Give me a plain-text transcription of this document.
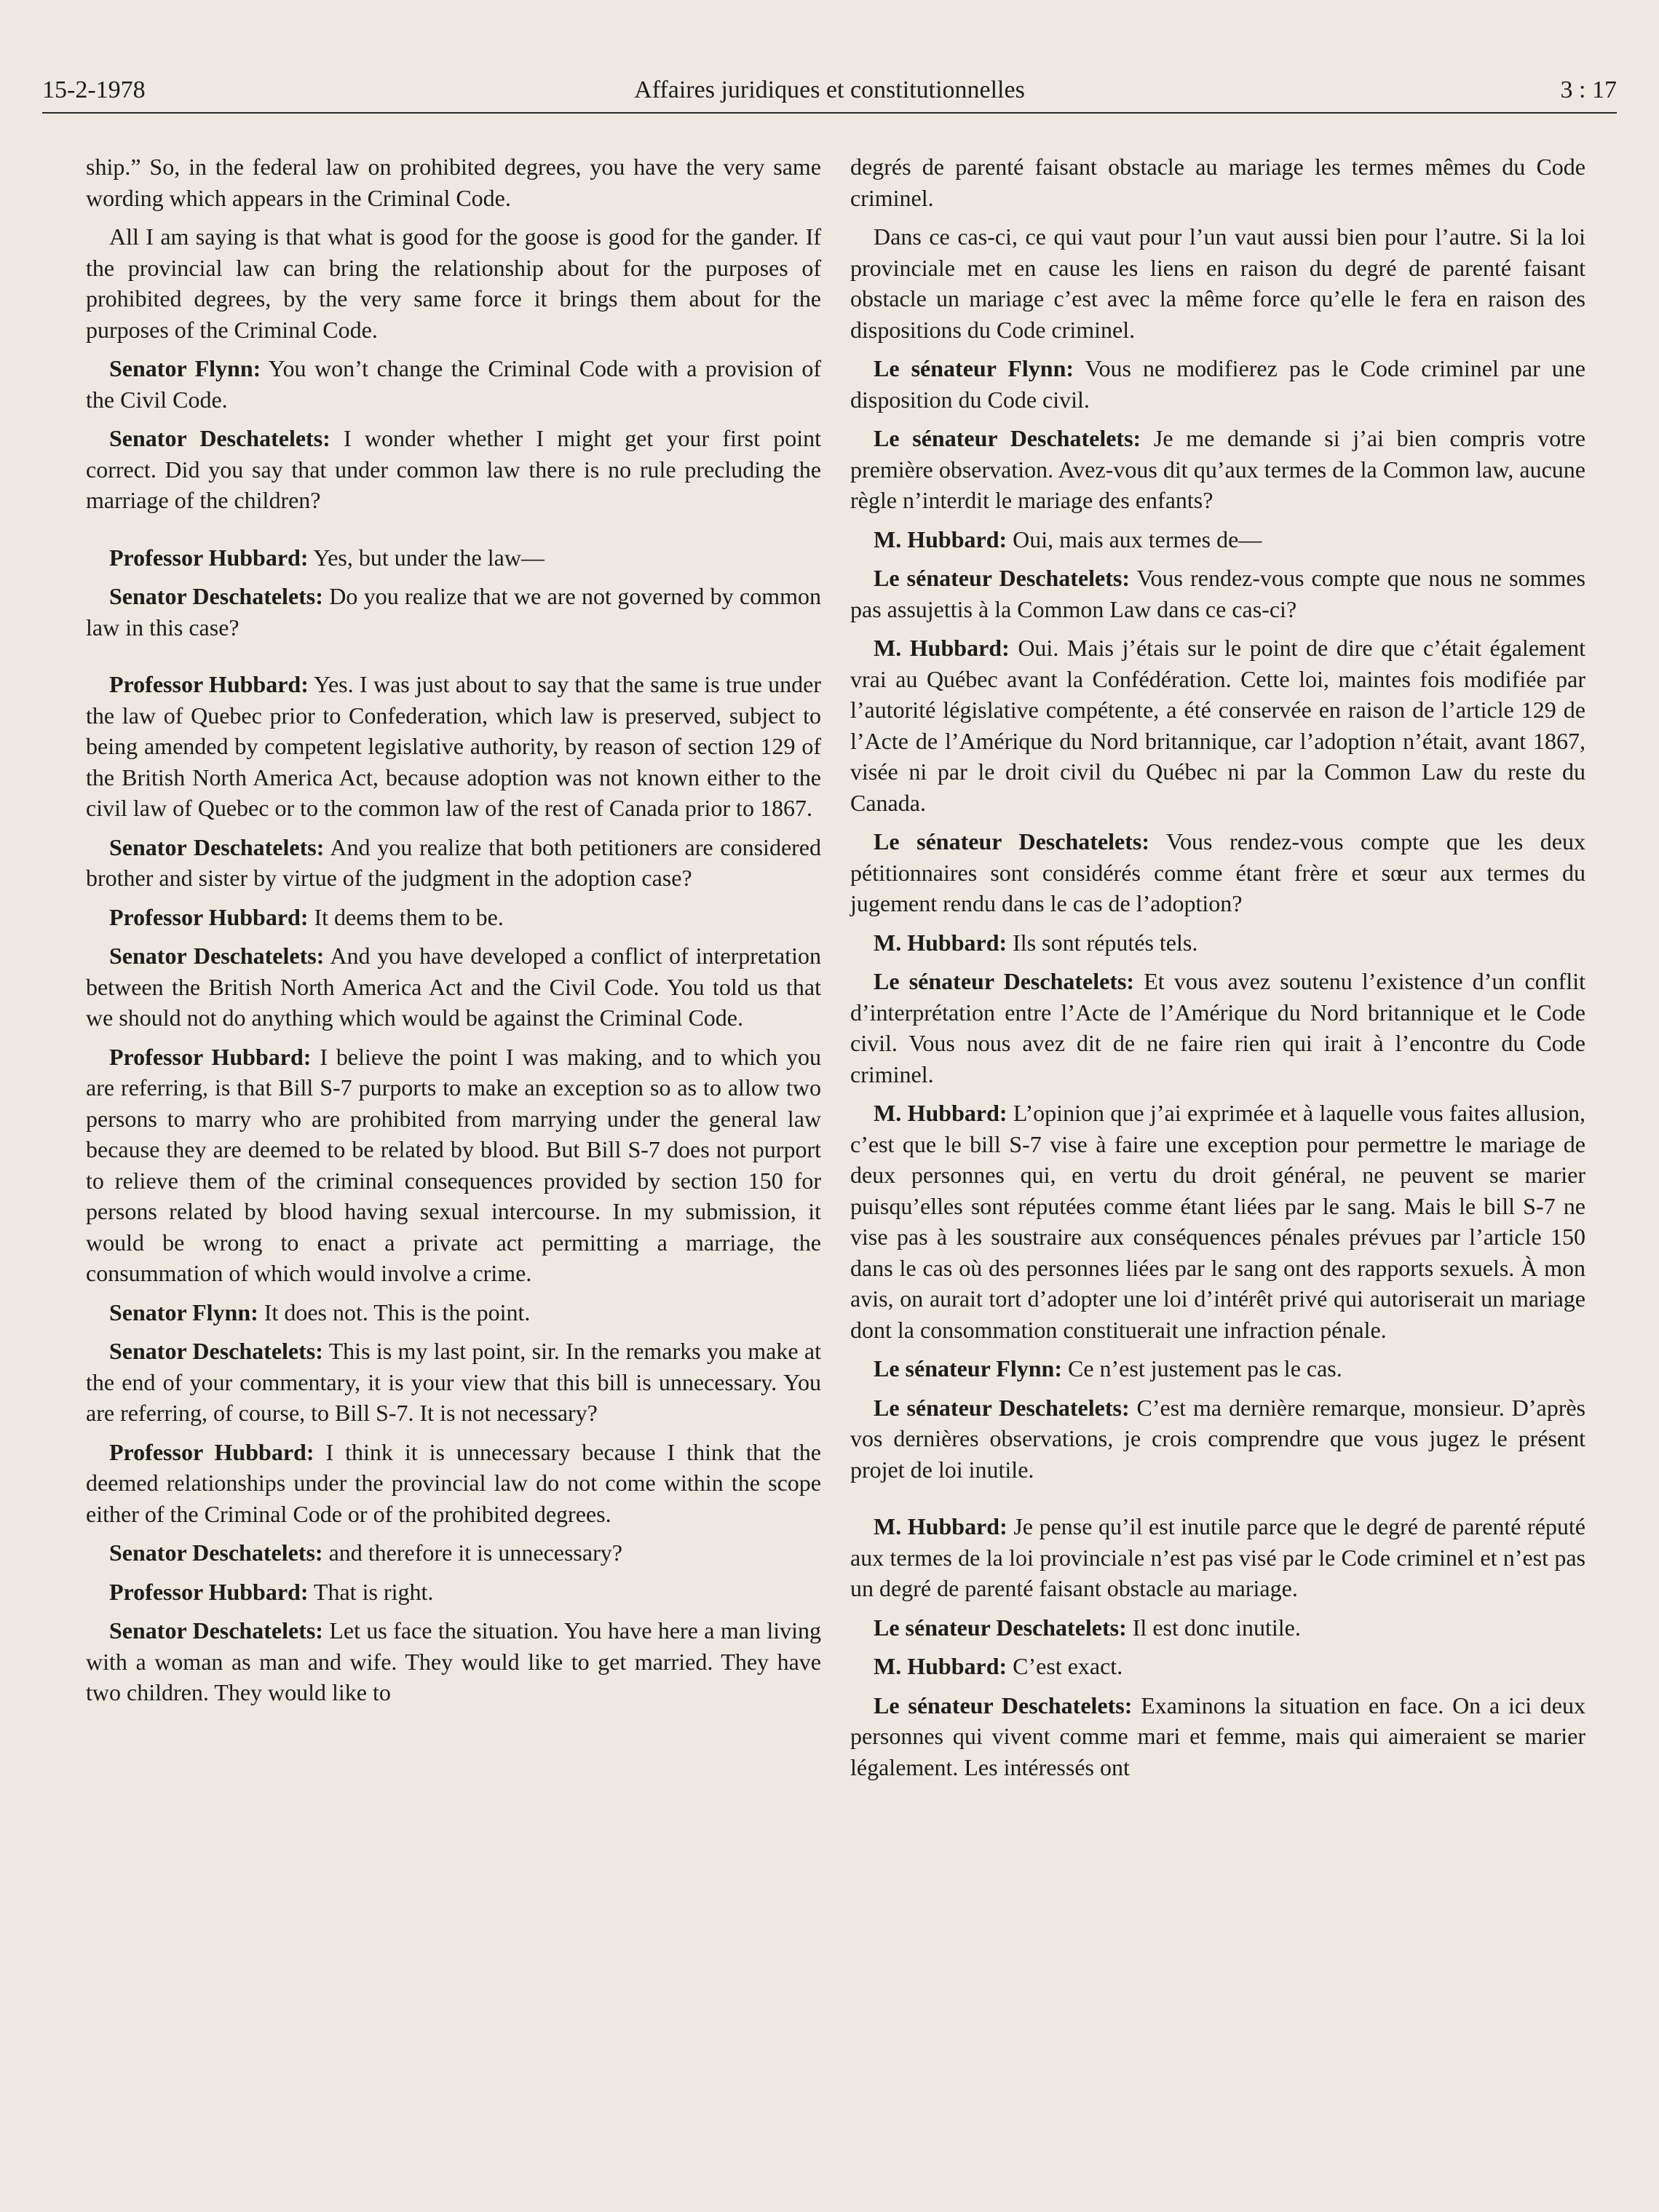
15-2-1978	Affaires juridiques et constitutionnelles	3 : 17

ship.” So, in the federal law on prohibited degrees, you have the very same wording which appears in the Criminal Code.

All I am saying is that what is good for the goose is good for the gander. If the provincial law can bring the relationship about for the purposes of prohibited degrees, by the very same force it brings them about for the purposes of the Criminal Code.

Senator Flynn: You won’t change the Criminal Code with a provision of the Civil Code.

Senator Deschatelets: I wonder whether I might get your first point correct. Did you say that under common law there is no rule precluding the marriage of the children?

Professor Hubbard: Yes, but under the law—

Senator Deschatelets: Do you realize that we are not governed by common law in this case?

Professor Hubbard: Yes. I was just about to say that the same is true under the law of Quebec prior to Confederation, which law is preserved, subject to being amended by competent legislative authority, by reason of section 129 of the British North America Act, because adoption was not known either to the civil law of Quebec or to the common law of the rest of Canada prior to 1867.

Senator Deschatelets: And you realize that both petitioners are considered brother and sister by virtue of the judgment in the adoption case?

Professor Hubbard: It deems them to be.

Senator Deschatelets: And you have developed a conflict of interpretation between the British North America Act and the Civil Code. You told us that we should not do anything which would be against the Criminal Code.

Professor Hubbard: I believe the point I was making, and to which you are referring, is that Bill S-7 purports to make an exception so as to allow two persons to marry who are prohibited from marrying under the general law because they are deemed to be related by blood. But Bill S-7 does not purport to relieve them of the criminal consequences provided by section 150 for persons related by blood having sexual intercourse. In my submission, it would be wrong to enact a private act permitting a marriage, the consummation of which would involve a crime.

Senator Flynn: It does not. This is the point.

Senator Deschatelets: This is my last point, sir. In the remarks you make at the end of your commentary, it is your view that this bill is unnecessary. You are referring, of course, to Bill S-7. It is not necessary?

Professor Hubbard: I think it is unnecessary because I think that the deemed relationships under the provincial law do not come within the scope either of the Criminal Code or of the prohibited degrees.

Senator Deschatelets: and therefore it is unnecessary?

Professor Hubbard: That is right.

Senator Deschatelets: Let us face the situation. You have here a man living with a woman as man and wife. They would like to get married. They have two children. They would like to

degrés de parenté faisant obstacle au mariage les termes mêmes du Code criminel.

Dans ce cas-ci, ce qui vaut pour l’un vaut aussi bien pour l’autre. Si la loi provinciale met en cause les liens en raison du degré de parenté faisant obstacle un mariage c’est avec la même force qu’elle le fera en raison des dispositions du Code criminel.

Le sénateur Flynn: Vous ne modifierez pas le Code criminel par une disposition du Code civil.

Le sénateur Deschatelets: Je me demande si j’ai bien compris votre première observation. Avez-vous dit qu’aux termes de la Common law, aucune règle n’interdit le mariage des enfants?

M. Hubbard: Oui, mais aux termes de—

Le sénateur Deschatelets: Vous rendez-vous compte que nous ne sommes pas assujettis à la Common Law dans ce cas-ci?

M. Hubbard: Oui. Mais j’étais sur le point de dire que c’était également vrai au Québec avant la Confédération. Cette loi, maintes fois modifiée par l’autorité législative compétente, a été conservée en raison de l’article 129 de l’Acte de l’Amérique du Nord britannique, car l’adoption n’était, avant 1867, visée ni par le droit civil du Québec ni par la Common Law du reste du Canada.

Le sénateur Deschatelets: Vous rendez-vous compte que les deux pétitionnaires sont considérés comme étant frère et sœur aux termes du jugement rendu dans le cas de l’adoption?

M. Hubbard: Ils sont réputés tels.

Le sénateur Deschatelets: Et vous avez soutenu l’existence d’un conflit d’interprétation entre l’Acte de l’Amérique du Nord britannique et le Code civil. Vous nous avez dit de ne faire rien qui irait à l’encontre du Code criminel.

M. Hubbard: L’opinion que j’ai exprimée et à laquelle vous faites allusion, c’est que le bill S-7 vise à faire une exception pour permettre le mariage de deux personnes qui, en vertu du droit général, ne peuvent se marier puisqu’elles sont réputées comme étant liées par le sang. Mais le bill S-7 ne vise pas à les soustraire aux conséquences pénales prévues par l’article 150 dans le cas où des personnes liées par le sang ont des rapports sexuels. À mon avis, on aurait tort d’adopter une loi d’intérêt privé qui autoriserait un mariage dont la consommation constituerait une infraction pénale.

Le sénateur Flynn: Ce n’est justement pas le cas.

Le sénateur Deschatelets: C’est ma dernière remarque, monsieur. D’après vos dernières observations, je crois comprendre que vous jugez le présent projet de loi inutile.

M. Hubbard: Je pense qu’il est inutile parce que le degré de parenté réputé aux termes de la loi provinciale n’est pas visé par le Code criminel et n’est pas un degré de parenté faisant obstacle au mariage.

Le sénateur Deschatelets: Il est donc inutile.

M. Hubbard: C’est exact.

Le sénateur Deschatelets: Examinons la situation en face. On a ici deux personnes qui vivent comme mari et femme, mais qui aimeraient se marier légalement. Les intéressés ont
